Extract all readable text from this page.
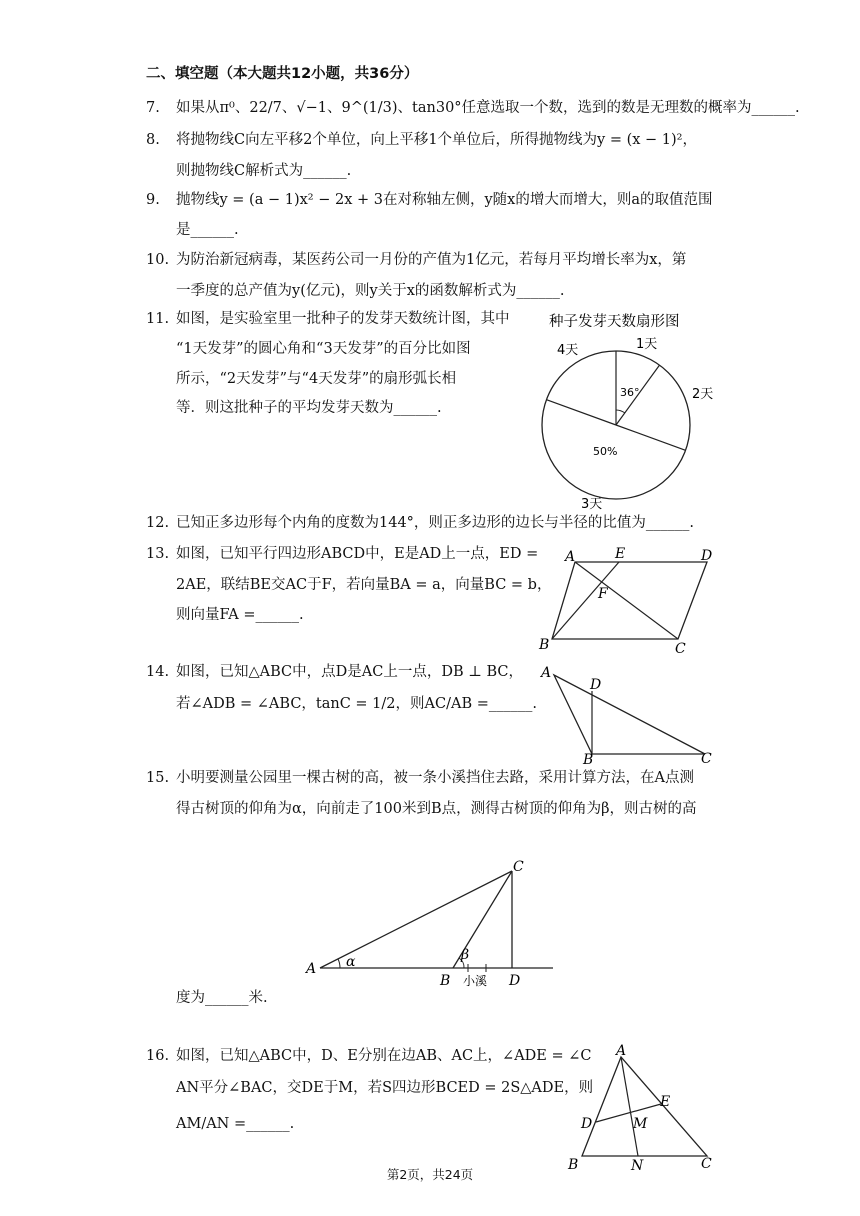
二、填空题（本大题共12小题，共36分）
7. 如果从π⁰、22/7、√−1、9^(1/3)、tan30°任意选取一个数，选到的数是无理数的概率为______.
8. 将抛物线C向左平移2个单位，向上平移1个单位后，所得抛物线为y = (x − 1)²，
则抛物线C解析式为______.
9. 抛物线y = (a − 1)x² − 2x + 3在对称轴左侧，y随x的增大而增大，则a的取值范围
是______.
10. 为防治新冠病毒，某医药公司一月份的产值为1亿元，若每月平均增长率为x，第
一季度的总产值为y(亿元)，则y关于x的函数解析式为______.
11. 如图，是实验室里一批种子的发芽天数统计图，其中
“1天发芽”的圆心角和“3天发芽”的百分比如图
所示，“2天发芽”与“4天发芽”的扇形弧长相
等．则这批种子的平均发芽天数为______.
种子发芽天数扇形图
36°
50%
1天
2天
3天
4天
12. 已知正多边形每个内角的度数为144°，则正多边形的边长与半径的比值为______.
13. 如图，已知平行四边形ABCD中，E是AD上一点，ED =
2AE，联结BE交AC于F，若向量BA = a，向量BC = b，
则向量FA =______.
A	E	D
F
B	C
14. 如图，已知△ABC中，点D是AC上一点，DB ⊥ BC，
若∠ADB = ∠ABC，tanC = 1/2，则AC/AB =______.
A
D
B	C
15. 小明要测量公园里一棵古树的高，被一条小溪挡住去路，采用计算方法，在A点测
得古树顶的仰角为α，向前走了100米到B点，测得古树顶的仰角为β，则古树的高
度为______米.
A
B
C
D
α	β
小溪
16. 如图，已知△ABC中，D、E分别在边AB、AC上，∠ADE = ∠C
AN平分∠BAC，交DE于M，若S四边形BCED = 2S△ADE，则
AM/AN =______.
A
D
E
M
B	N	C
第2页，共24页
